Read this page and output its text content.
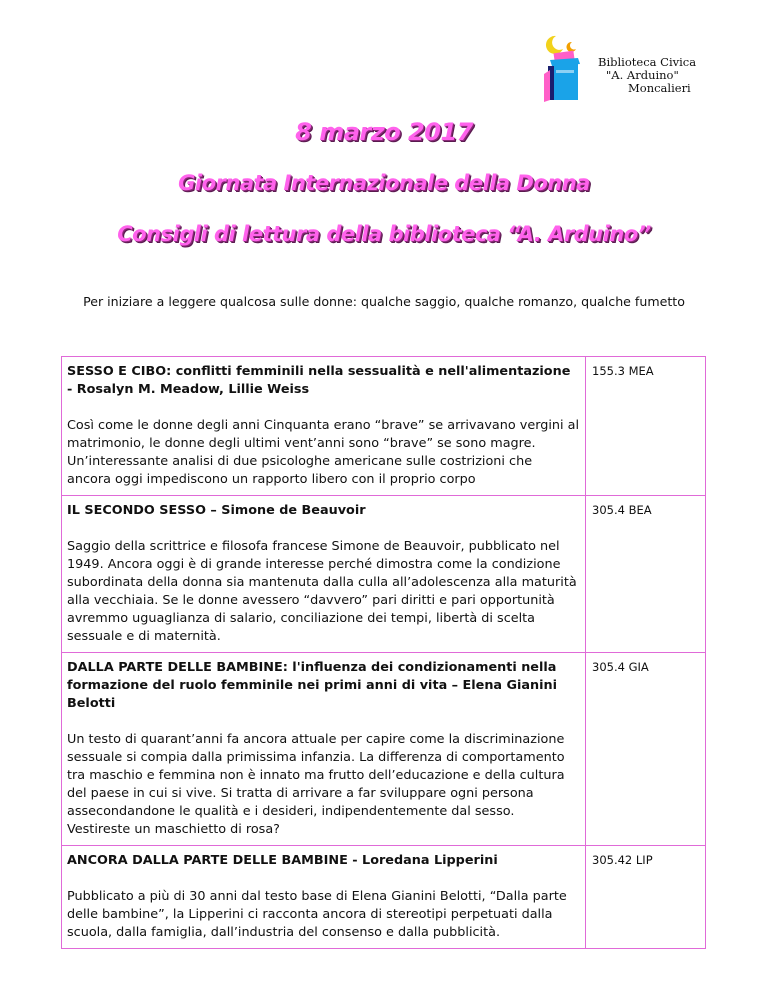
Biblioteca Civica
"A. Arduino"
Moncalieri
8 marzo 2017
Giornata Internazionale della Donna
Consigli di lettura della biblioteca “A. Arduino”
Per iniziare a leggere qualcosa sulle donne: qualche saggio, qualche romanzo, qualche fumetto
SESSO E CIBO: conflitti femminili nella sessualità e nell'alimentazione - Rosalyn M. Meadow, Lillie Weiss
Così come le donne degli anni Cinquanta erano “brave” se arrivavano vergini al matrimonio, le donne degli ultimi vent’anni sono “brave” se sono magre. Un’interessante analisi di due psicologhe americane sulle costrizioni che ancora oggi impediscono un rapporto libero con il proprio corpo	155.3 MEA

IL SECONDO SESSO – Simone de Beauvoir
Saggio della scrittrice e filosofa francese Simone de Beauvoir, pubblicato nel 1949. Ancora oggi è di grande interesse perché dimostra come la condizione subordinata della donna sia mantenuta dalla culla all’adolescenza alla maturità alla vecchiaia. Se le donne avessero “davvero” pari diritti e pari opportunità avremmo uguaglianza di salario, conciliazione dei tempi, libertà di scelta sessuale e di maternità.	305.4 BEA

DALLA PARTE DELLE BAMBINE: l'influenza dei condizionamenti nella formazione del ruolo femminile nei primi anni di vita – Elena Gianini Belotti
Un testo di quarant’anni fa ancora attuale per capire come la discriminazione sessuale si compia dalla primissima infanzia. La differenza di comportamento tra maschio e femmina non è innato ma frutto dell’educazione e della cultura del paese in cui si vive. Si tratta di arrivare a far sviluppare ogni persona assecondandone le qualità e i desideri, indipendentemente dal sesso. Vestireste un maschietto di rosa?	305.4 GIA

ANCORA DALLA PARTE DELLE BAMBINE - Loredana Lipperini
Pubblicato a più di 30 anni dal testo base di Elena Gianini Belotti, “Dalla parte delle bambine”, la Lipperini ci racconta ancora di stereotipi perpetuati dalla scuola, dalla famiglia, dall’industria del consenso e dalla pubblicità.	305.42 LIP
